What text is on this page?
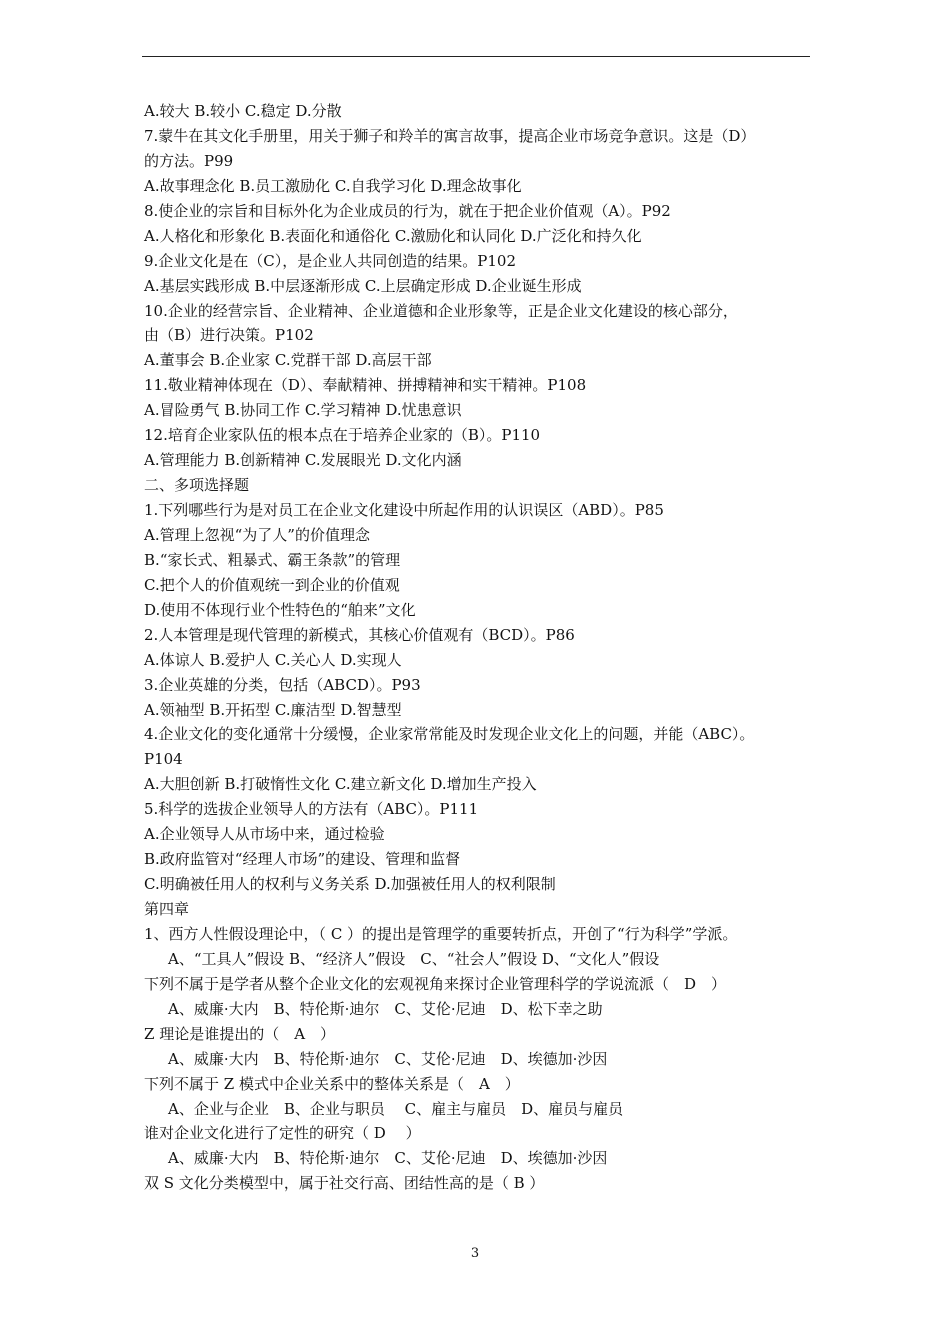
A.较大 B.较小 C.稳定 D.分散
7.蒙牛在其文化手册里，用关于狮子和羚羊的寓言故事，提高企业市场竞争意识。这是（D）
的方法。P99
A.故事理念化 B.员工激励化 C.自我学习化 D.理念故事化
8.使企业的宗旨和目标外化为企业成员的行为，就在于把企业价值观（A）。P92
A.人格化和形象化 B.表面化和通俗化 C.激励化和认同化 D.广泛化和持久化
9.企业文化是在（C），是企业人共同创造的结果。P102
A.基层实践形成 B.中层逐渐形成 C.上层确定形成 D.企业诞生形成
10.企业的经营宗旨、企业精神、企业道德和企业形象等，正是企业文化建设的核心部分，
由（B）进行决策。P102
A.董事会 B.企业家 C.党群干部 D.高层干部
11.敬业精神体现在（D）、奉献精神、拼搏精神和实干精神。P108
A.冒险勇气 B.协同工作 C.学习精神 D.忧患意识
12.培育企业家队伍的根本点在于培养企业家的（B）。P110
A.管理能力 B.创新精神 C.发展眼光 D.文化内涵
二、多项选择题
1.下列哪些行为是对员工在企业文化建设中所起作用的认识误区（ABD）。P85
A.管理上忽视“为了人”的价值理念
B.“家长式、粗暴式、霸王条款”的管理
C.把个人的价值观统一到企业的价值观
D.使用不体现行业个性特色的“舶来”文化
2.人本管理是现代管理的新模式，其核心价值观有（BCD）。P86
A.体谅人 B.爱护人 C.关心人 D.实现人
3.企业英雄的分类，包括（ABCD）。P93
A.领袖型 B.开拓型 C.廉洁型 D.智慧型
4.企业文化的变化通常十分缓慢，企业家常常能及时发现企业文化上的问题，并能（ABC）。
P104
A.大胆创新 B.打破惰性文化 C.建立新文化 D.增加生产投入
5.科学的选拔企业领导人的方法有（ABC）。P111
A.企业领导人从市场中来，通过检验
B.政府监管对“经理人市场”的建设、管理和监督
C.明确被任用人的权利与义务关系 D.加强被任用人的权利限制
第四章
1、西方人性假设理论中，（ C ）的提出是管理学的重要转折点，开创了“行为科学”学派。
A、“工具人”假设 B、“经济人”假设　C、“社会人”假设 D、“文化人”假设
下列不属于是学者从整个企业文化的宏观视角来探讨企业管理科学的学说流派（　D　）
A、威廉·大内　B、特伦斯·迪尔　C、艾伦·尼迪　D、松下幸之助
Z 理论是谁提出的（　A　）
A、威廉·大内　B、特伦斯·迪尔　C、艾伦·尼迪　D、埃德加·沙因
下列不属于 Z 模式中企业关系中的整体关系是（　A　）
A、企业与企业　B、企业与职员　 C、雇主与雇员　D、雇员与雇员
谁对企业文化进行了定性的研究（ D　 ）
A、威廉·大内　B、特伦斯·迪尔　C、艾伦·尼迪　D、埃德加·沙因
双 S 文化分类模型中，属于社交行高、团结性高的是（ B ）
3
